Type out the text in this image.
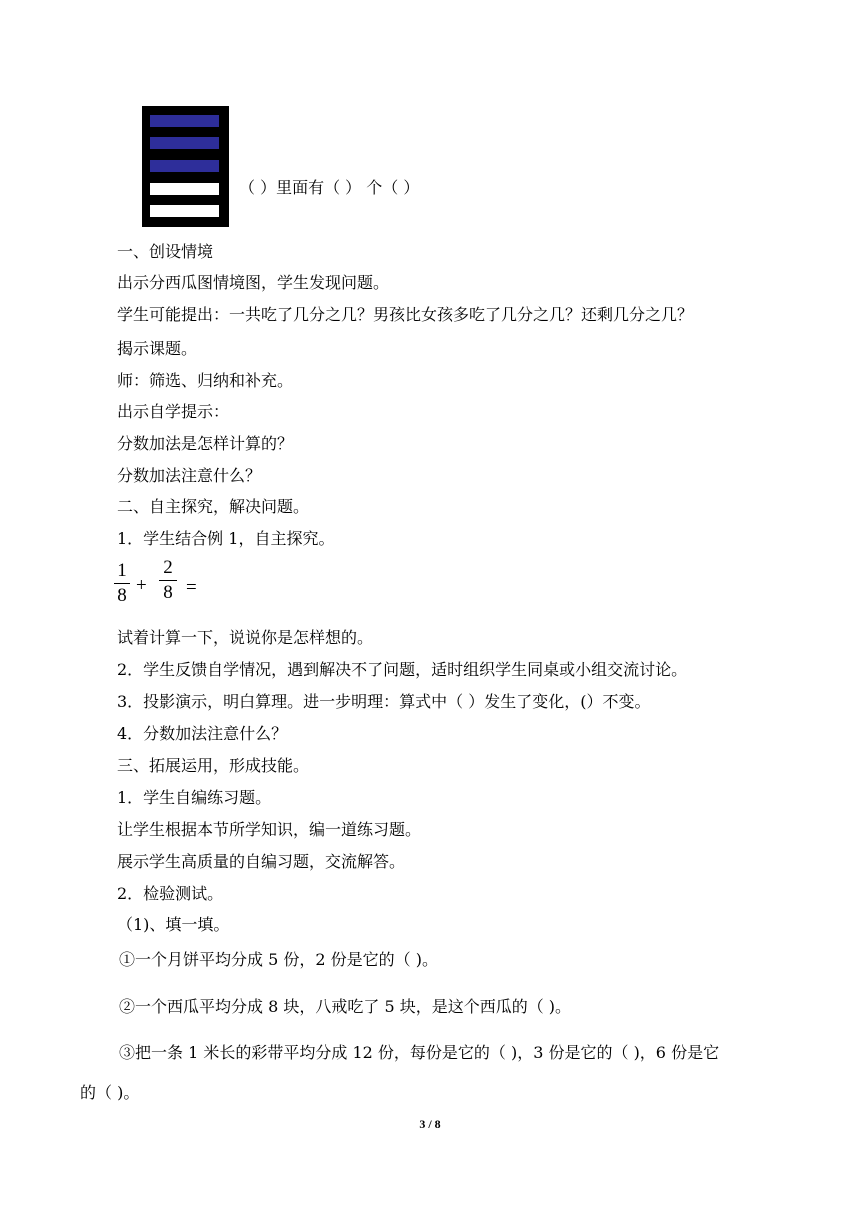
（ ）里面有（ ） 个（ ）
一、创设情境
出示分西瓜图情境图，学生发现问题。
学生可能提出：一共吃了几分之几？男孩比女孩多吃了几分之几？还剩几分之几？
揭示课题。
师：筛选、归纳和补充。
出示自学提示：
分数加法是怎样计算的？
分数加法注意什么？
二、自主探究，解决问题。
1．学生结合例 1，自主探究。
1
8 +
2
8 =
试着计算一下，说说你是怎样想的。
2．学生反馈自学情况，遇到解决不了问题，适时组织学生同桌或小组交流讨论。
3．投影演示，明白算理。进一步明理：算式中（ ）发生了变化，(）不变。
4．分数加法注意什么？
三、拓展运用，形成技能。
1．学生自编练习题。
让学生根据本节所学知识，编一道练习题。
展示学生高质量的自编习题，交流解答。
2．检验测试。
（1)、填一填。
①一个月饼平均分成 5 份，2 份是它的（ )。
②一个西瓜平均分成 8 块，八戒吃了 5 块，是这个西瓜的（ )。
③把一条 1 米长的彩带平均分成 12 份，每份是它的（ )，3 份是它的（ )，6 份是它
的（ )。
3 / 8
